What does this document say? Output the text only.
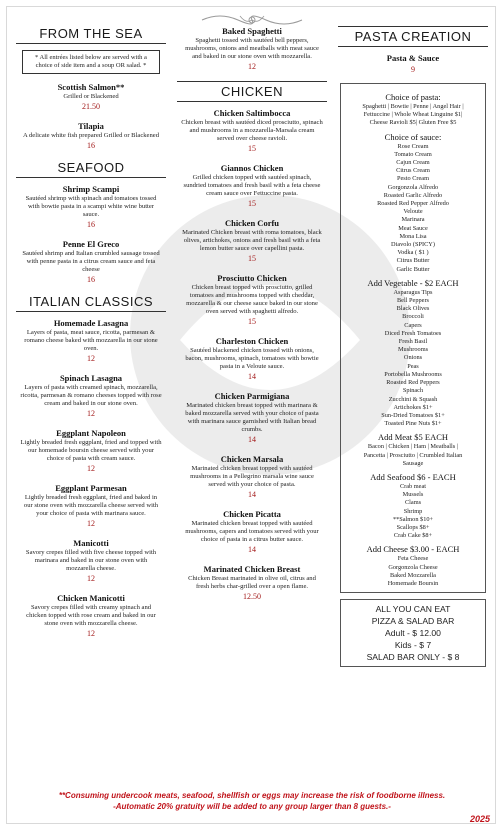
FROM THE SEA
* All entrées listed below are served with a choice of side item and a soup OR salad. *
Scottish Salmon**
Grilled or Blackened
21.50
Tilapia
A delicate white fish prepared Grilled or Blackened
16
SEAFOOD
Shrimp Scampi
Sautéed shrimp with spinach and tomatoes tossed with bowtie pasta in a scampi white wine butter sauce.
16
Penne El Greco
Sautéed shrimp and Italian crumbled sausage tossed with penne pasta in a citrus cream sauce and feta cheese
16
ITALIAN CLASSICS
Homemade Lasagna
Layers of pasta, meat sauce, ricotta, parmesan & romano cheese baked with mozzarella in our stone oven.
12
Spinach Lasagna
Layers of pasta with creamed spinach, mozzarella, ricotta, parmesan & romano cheeses topped with rose cream and baked in our stone oven.
12
Eggplant Napoleon
Lightly breaded fresh eggplant, fried and topped with our homemade boursin cheese served with your choice of pasta with cream sauce.
12
Eggplant Parmesan
Lightly breaded fresh eggplant, fried and baked in our stone oven with mozzarella cheese served with your choice of pasta with marinara sauce.
12
Manicotti
Savory crepes filled with five cheese topped with marinara and baked in our stone oven with mozzarella cheese.
12
Chicken Manicotti
Savory crepes filled with creamy spinach and chicken topped with rose cream and baked in our stone oven with mozzarella cheese.
12
Baked Spaghetti
Spaghetti tossed with sautéed bell peppers, mushrooms, onions and meatballs with meat sauce and baked in our stone oven with mozzarella.
12
CHICKEN
Chicken Saltimbocca
Chicken breast with sautéed diced prosciutto, spinach and mushrooms in a mozzarella-Marsala cream served over cheese ravioli.
15
Giannos Chicken
Grilled chicken topped with sautéed spinach, sundried tomatoes and fresh basil with a feta cheese cream sauce over Fettuccine pasta.
15
Chicken Corfu
Marinated Chicken breast with roma tomatoes, black olives, artichokes, onions and fresh basil with a feta lemon butter sauce over capellini pasta.
15
Prosciutto Chicken
Chicken breast topped with prosciutto, grilled tomatoes and mushrooms topped with cheddar, mozzarella & our cheese sauce baked in our stone oven served with spaghetti alfredo.
15
Charleston Chicken
Sautéed blackened chicken tossed with onions, bacon, mushrooms, spinach, tomatoes with bowtie pasta in a Veloute sauce.
14
Chicken Parmigiana
Marinated chicken breast topped with marinara & baked mozzarella served with your choice of pasta with marinara sauce garnished with Italian bread crumbs.
14
Chicken Marsala
Marinated chicken breast topped with sautéed mushrooms in a Pellegrino marsala wine sauce served with your choice of pasta.
14
Chicken Picatta
Marinated chicken breast topped with sautéed mushrooms, capers and tomatoes served with your choice of pasta in a citrus butter sauce.
14
Marinated Chicken Breast
Chicken Breast marinated in olive oil, citrus and fresh herbs char-grilled over a open flame.
12.50
PASTA CREATION
Pasta & Sauce
9
Choice of pasta:
Spaghetti | Bowtie | Penne | Angel Hair |
Fettuccine | Whole Wheat Linguine $1|
Cheese Ravioli $5| Gluten Free $5
Choice of sauce:
Rose Cream
Tomato Cream
Cajun Cream
Citrus Cream
Pesto Cream
Gorgonzola Alfredo
Roasted Garlic Alfredo
Roasted Red Pepper Alfredo
Veloute
Marinara
Meat Sauce
Mona Lisa
Diavolo (SPICY)
Vodka ( $1 )
Citrus Butter
Garlic Butter
Add Vegetable - $2 EACH
Asparagus Tips
Bell Peppers
Black Olives
Broccoli
Capers
Diced Fresh Tomatoes
Fresh Basil
Mushrooms
Onions
Peas
Portobella Mushrooms
Roasted Red Peppers
Spinach
Zucchini & Squash
Artichokes $1+
Sun-Dried Tomatoes $1+
Toasted Pine Nuts $1+
Add Meat $5 EACH
Bacon | Chicken | Ham | Meatballs |
Pancetta | Prosciutto | Crumbled Italian
Sausage
Add Seafood $6 - EACH
Crab meat
Mussels
Clams
Shrimp
**Salmon $10+
Scallops $8+
Crab Cake $8+
Add Cheese $3.00 - EACH
Feta Cheese
Gorgonzola Cheese
Baked Mozzarella
Homemade Boursin
ALL YOU CAN EAT
PIZZA & SALAD BAR
Adult - $ 12.00
Kids - $ 7
SALAD BAR ONLY - $ 8
**Consuming undercook meats, seafood, shellfish or eggs may increase the risk of foodborne illness.
-Automatic 20% gratuity will be added to any group larger than 8 guests.-
2025
